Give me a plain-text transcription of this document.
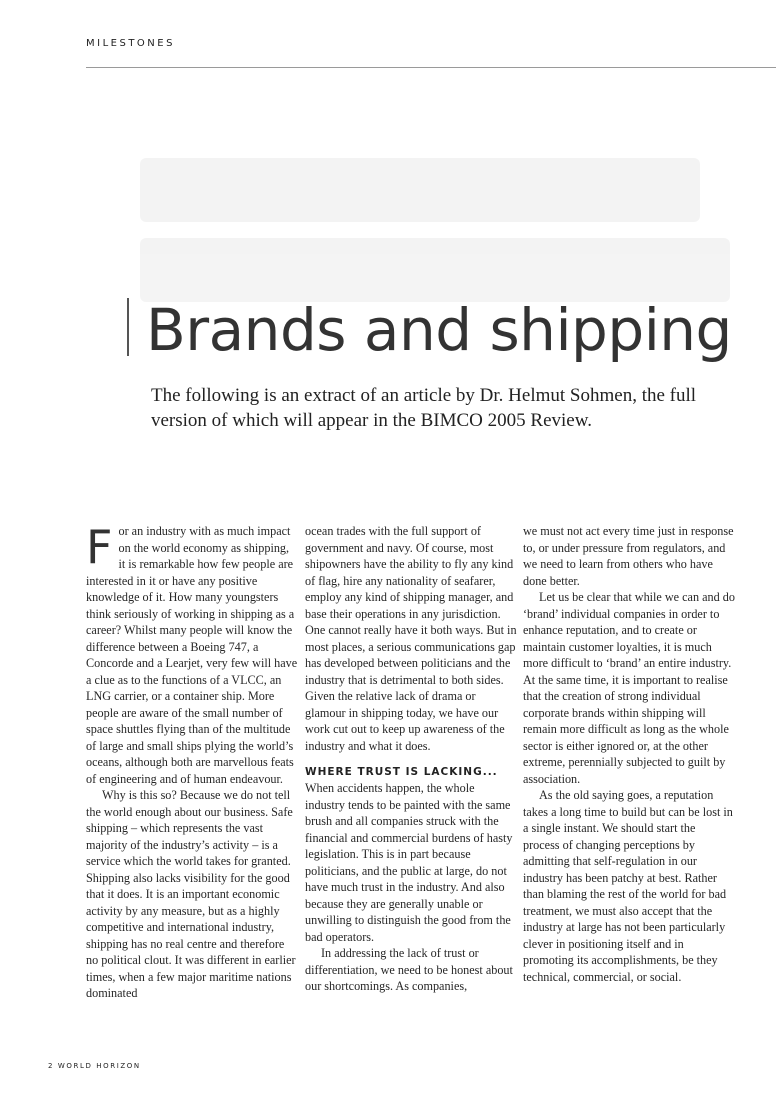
MILESTONES
Brands and shipping

The following is an extract of an article by Dr. Helmut Sohmen, the full version of which will appear in the BIMCO 2005 Review.

For an industry with as much impact on the world economy as shipping, it is remarkable how few people are interested in it or have any positive knowledge of it. How many youngsters think seriously of working in shipping as a career? Whilst many people will know the difference between a Boeing 747, a Concorde and a Learjet, very few will have a clue as to the functions of a VLCC, an LNG carrier, or a container ship. More people are aware of the small number of space shuttles flying than of the multitude of large and small ships plying the world’s oceans, although both are marvellous feats of engineering and of human endeavour.

Why is this so? Because we do not tell the world enough about our business. Safe shipping – which represents the vast majority of the industry’s activity – is a service which the world takes for granted. Shipping also lacks visibility for the good that it does. It is an important economic activity by any measure, but as a highly competitive and international industry, shipping has no real centre and therefore no political clout. It was different in earlier times, when a few major maritime nations dominated

ocean trades with the full support of government and navy. Of course, most shipowners have the ability to fly any kind of flag, hire any nationality of seafarer, employ any kind of shipping manager, and base their operations in any jurisdiction. One cannot really have it both ways. But in most places, a serious communications gap has developed between politicians and the industry that is detrimental to both sides. Given the relative lack of drama or glamour in shipping today, we have our work cut out to keep up awareness of the industry and what it does.

WHERE TRUST IS LACKING...

When accidents happen, the whole industry tends to be painted with the same brush and all companies struck with the financial and commercial burdens of hasty legislation. This is in part because politicians, and the public at large, do not have much trust in the industry. And also because they are generally unable or unwilling to distinguish the good from the bad operators.

In addressing the lack of trust or differentiation, we need to be honest about our shortcomings. As companies,

we must not act every time just in response to, or under pressure from regulators, and we need to learn from others who have done better.

Let us be clear that while we can and do ‘brand’ individual companies in order to enhance reputation, and to create or maintain customer loyalties, it is much more difficult to ‘brand’ an entire industry. At the same time, it is important to realise that the creation of strong individual corporate brands within shipping will remain more difficult as long as the whole sector is either ignored or, at the other extreme, perennially subjected to guilt by association.

As the old saying goes, a reputation takes a long time to build but can be lost in a single instant. We should start the process of changing perceptions by admitting that self-regulation in our industry has been patchy at best. Rather than blaming the rest of the world for bad treatment, we must also accept that the industry at large has not been particularly clever in positioning itself and in promoting its accomplishments, be they technical, commercial, or social.

2 WORLD HORIZON
